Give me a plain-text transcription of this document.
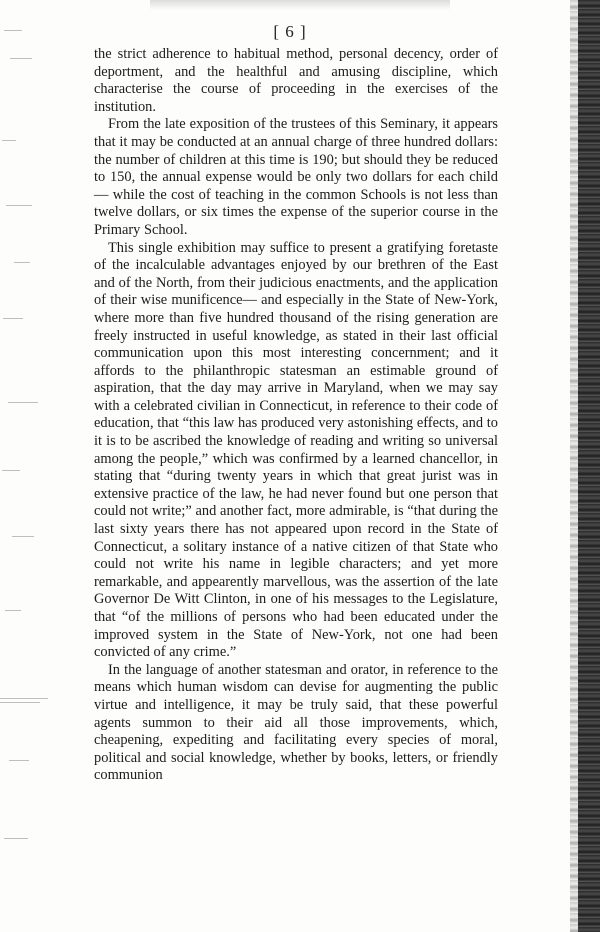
[ 6 ]

the strict adherence to habitual method, personal decency, order of deportment, and the healthful and amusing discipline, which characterise the course of proceeding in the exercises of the institution.

From the late exposition of the trustees of this Seminary, it appears that it may be conducted at an annual charge of three hundred dollars: the number of children at this time is 190; but should they be reduced to 150, the annual expense would be only two dollars for each child— while the cost of teaching in the common Schools is not less than twelve dollars, or six times the expense of the superior course in the Primary School.

This single exhibition may suffice to present a gratifying foretaste of the incalculable advantages enjoyed by our brethren of the East and of the North, from their judicious enactments, and the application of their wise munificence— and especially in the State of New-York, where more than five hundred thousand of the rising generation are freely instructed in useful knowledge, as stated in their last official communication upon this most interesting concernment; and it affords to the philanthropic statesman an estimable ground of aspiration, that the day may arrive in Maryland, when we may say with a celebrated civilian in Connecticut, in reference to their code of education, that “this law has produced very astonishing effects, and to it is to be ascribed the knowledge of reading and writing so universal among the people,” which was confirmed by a learned chancellor, in stating that “during twenty years in which that great jurist was in extensive practice of the law, he had never found but one person that could not write;” and another fact, more admirable, is “that during the last sixty years there has not appeared upon record in the State of Connecticut, a solitary instance of a native citizen of that State who could not write his name in legible characters; and yet more remarkable, and appearently marvellous, was the assertion of the late Governor De Witt Clinton, in one of his messages to the Legislature, that “of the millions of persons who had been educated under the improved system in the State of New-York, not one had been convicted of any crime.”

In the language of another statesman and orator, in reference to the means which human wisdom can devise for augmenting the public virtue and intelligence, it may be truly said, that these powerful agents summon to their aid all those improvements, which, cheapening, expediting and facilitating every species of moral, political and social knowledge, whether by books, letters, or friendly communion
